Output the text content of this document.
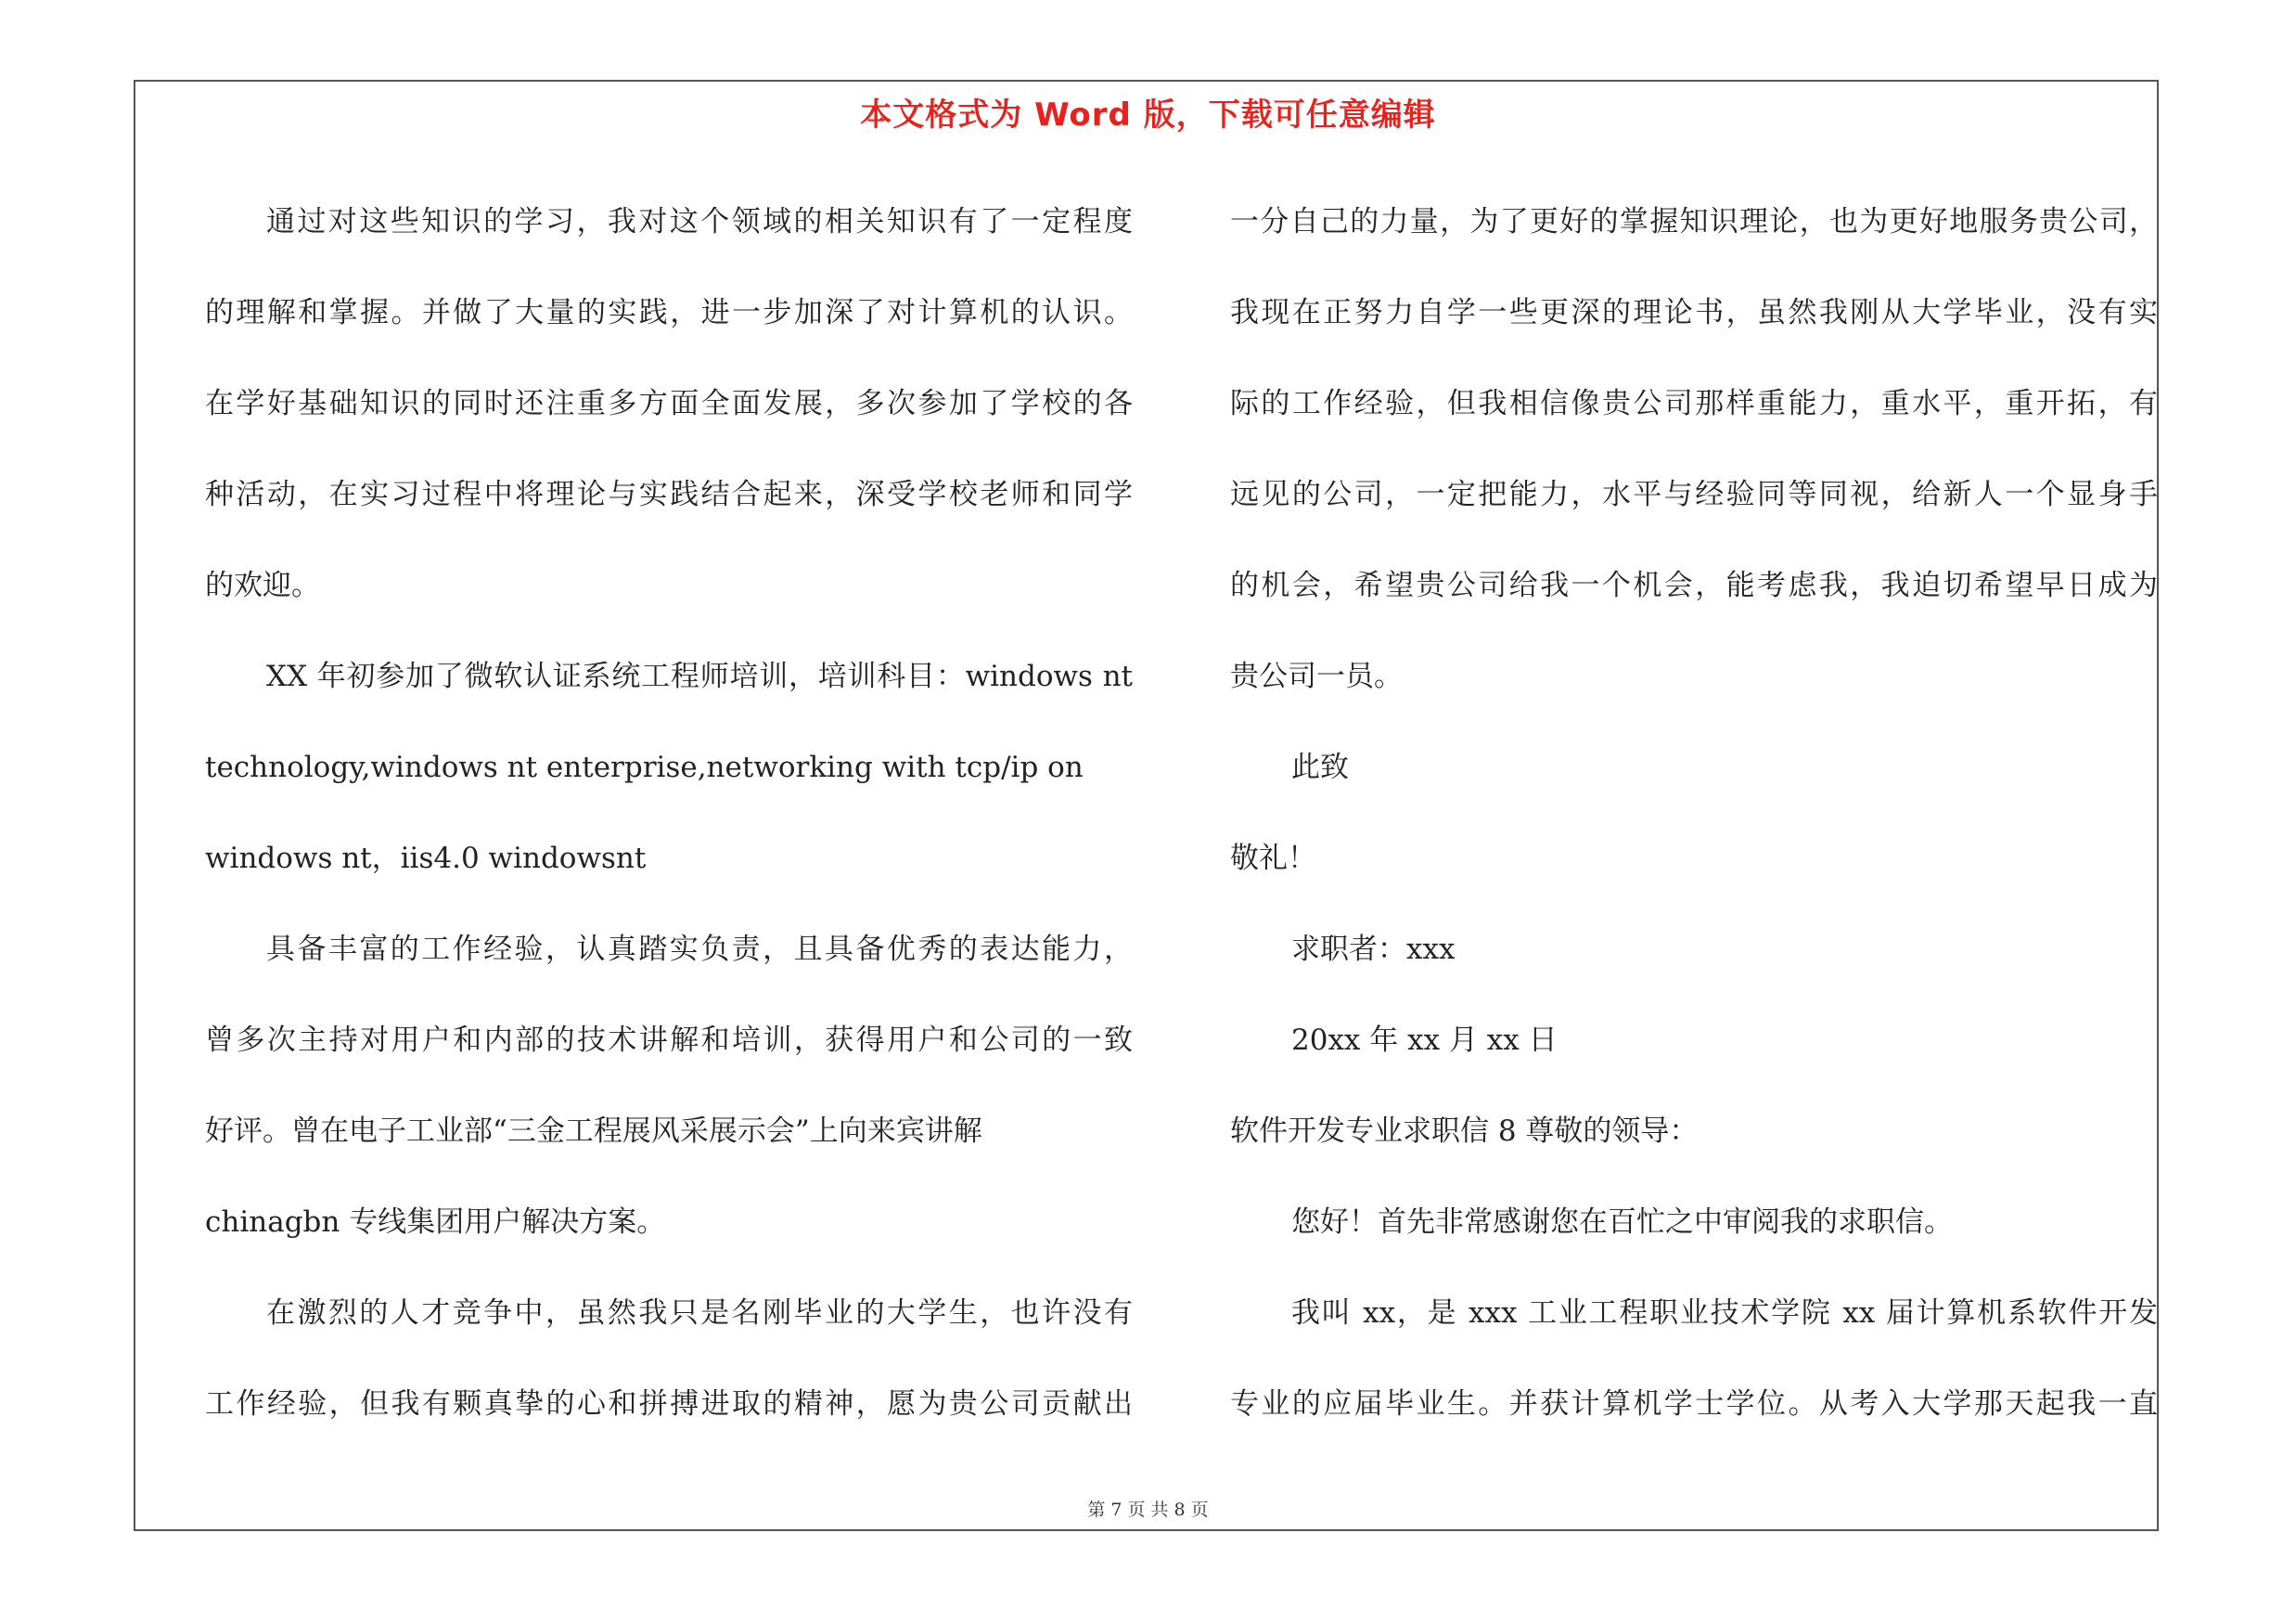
本文格式为 Word 版，下载可任意编辑
通过对这些知识的学习，我对这个领域的相关知识有了一定程度
的理解和掌握。并做了大量的实践，进一步加深了对计算机的认识。
在学好基础知识的同时还注重多方面全面发展，多次参加了学校的各
种活动，在实习过程中将理论与实践结合起来，深受学校老师和同学
的欢迎。
XX 年初参加了微软认证系统工程师培训，培训科目：windows nt
technology,windows nt enterprise,networking with tcp/ip on
windows nt，iis4.0 windowsnt
具备丰富的工作经验，认真踏实负责，且具备优秀的表达能力，
曾多次主持对用户和内部的技术讲解和培训，获得用户和公司的一致
好评。曾在电子工业部“三金工程展风采展示会”上向来宾讲解
chinagbn 专线集团用户解决方案。
在激烈的人才竞争中，虽然我只是名刚毕业的大学生，也许没有
工作经验，但我有颗真挚的心和拼搏进取的精神，愿为贵公司贡献出
一分自己的力量，为了更好的掌握知识理论，也为更好地服务贵公司，
我现在正努力自学一些更深的理论书，虽然我刚从大学毕业，没有实
际的工作经验，但我相信像贵公司那样重能力，重水平，重开拓，有
远见的公司，一定把能力，水平与经验同等同视，给新人一个显身手
的机会，希望贵公司给我一个机会，能考虑我，我迫切希望早日成为
贵公司一员。
此致
敬礼！
求职者：xxx
20xx 年 xx 月 xx 日
软件开发专业求职信 8 尊敬的领导：
您好！首先非常感谢您在百忙之中审阅我的求职信。
我叫 xx，是 xxx 工业工程职业技术学院 xx 届计算机系软件开发
专业的应届毕业生。并获计算机学士学位。从考入大学那天起我一直
第 7 页 共 8 页
